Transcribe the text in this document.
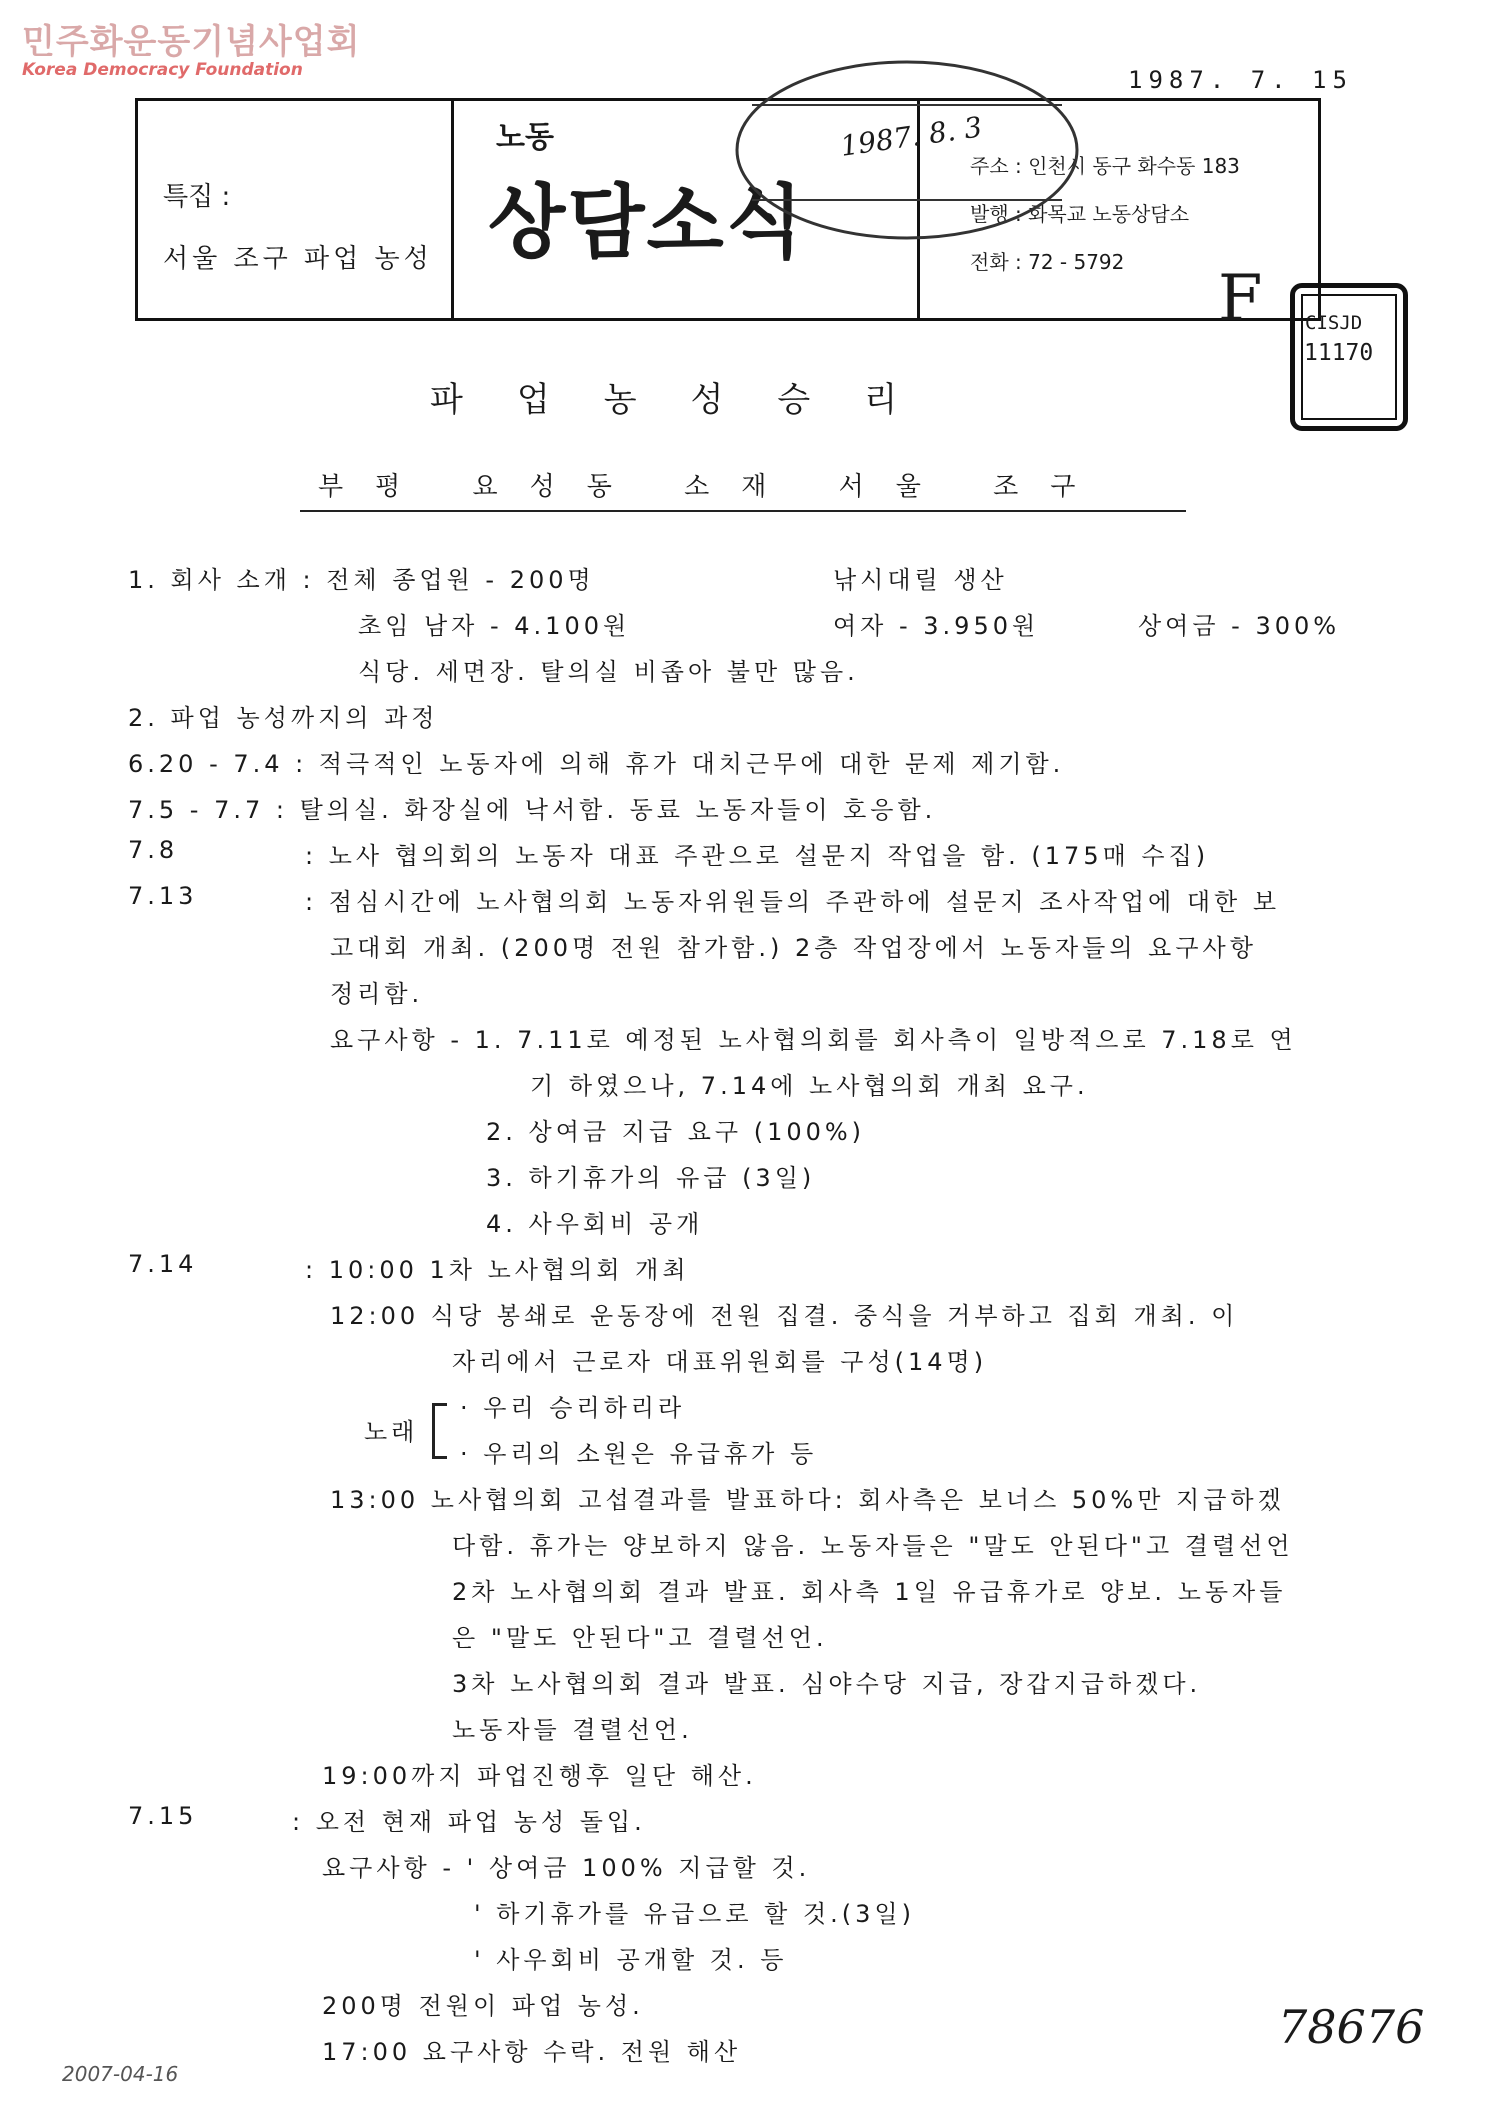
민주화운동기념사업회
Korea Democracy Foundation	1987. 7. 15
특집 :
서울 조구 파업 농성
노동
상담소식
주소 : 인천시 동구 화수동 183
발행 : 화목교 노동상담소
전화 : 72 - 5792
1987. 8. 3
F CISJD
11170
파업농성승리
부평 요성동 소재 서울 조구
1. 회사 소개 : 전체 종업원 - 200명	낚시대릴 생산
초임 남자 - 4.100원	여자 - 3.950원	상여금 - 300%
식당. 세면장. 탈의실 비좁아 불만 많음.
2. 파업 농성까지의 과정
6.20 - 7.4 : 적극적인 노동자에 의해 휴가 대치근무에 대한 문제 제기함.
7.5 - 7.7 : 탈의실. 화장실에 낙서함. 동료 노동자들이 호응함.
7.8	: 노사 협의회의 노동자 대표 주관으로 설문지 작업을 함. (175매 수집)
7.13	: 점심시간에 노사협의회 노동자위원들의 주관하에 설문지 조사작업에 대한 보
고대회 개최. (200명 전원 참가함.) 2층 작업장에서 노동자들의 요구사항
정리함.
요구사항 - 1. 7.11로 예정된 노사협의회를 회사측이 일방적으로 7.18로 연
기 하였으나, 7.14에 노사협의회 개최 요구.
2. 상여금 지급 요구 (100%)
3. 하기휴가의 유급 (3일)
4. 사우회비 공개
7.14	: 10:00 1차 노사협의회 개최
12:00 식당 봉쇄로 운동장에 전원 집결. 중식을 거부하고 집회 개최. 이
자리에서 근로자 대표위원회를 구성(14명)
· 우리 승리하리라
노래
· 우리의 소원은 유급휴가 등
13:00 노사협의회 고섭결과를 발표하다: 회사측은 보너스 50%만 지급하겠
다함. 휴가는 양보하지 않음. 노동자들은 "말도 안된다"고 결렬선언
2차 노사협의회 결과 발표. 회사측 1일 유급휴가로 양보. 노동자들
은 "말도 안된다"고 결렬선언.
3차 노사협의회 결과 발표. 심야수당 지급, 장갑지급하겠다.
노동자들 결렬선언.
19:00까지 파업진행후 일단 해산.
7.15	: 오전 현재 파업 농성 돌입.
요구사항 - ' 상여금 100% 지급할 것.
' 하기휴가를 유급으로 할 것.(3일)
' 사우회비 공개할 것. 등
200명 전원이 파업 농성.
17:00 요구사항 수락. 전원 해산	78676
2007-04-16
